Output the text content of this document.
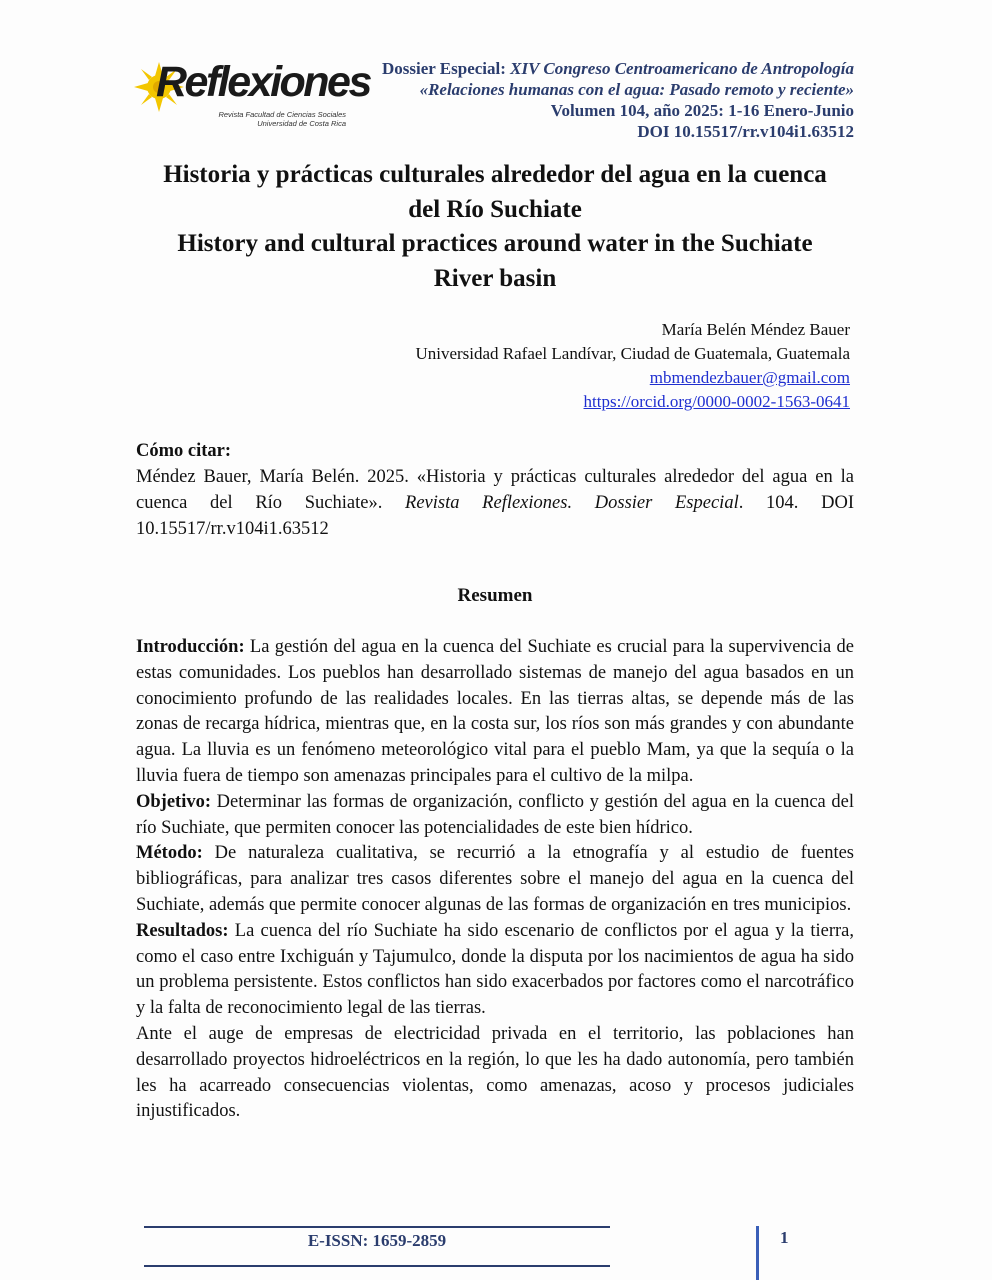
Reflexiones
Revista Facultad de Ciencias Sociales
Universidad de Costa Rica
Dossier Especial: XIV Congreso Centroamericano de Antropología
«Relaciones humanas con el agua: Pasado remoto y reciente»
Volumen 104, año 2025: 1-16 Enero-Junio
DOI 10.15517/rr.v104i1.63512
Historia y prácticas culturales alrededor del agua en la cuenca
del Río Suchiate
History and cultural practices around water in the Suchiate
River basin
María Belén Méndez Bauer
Universidad Rafael Landívar, Ciudad de Guatemala, Guatemala
mbmendezbauer@gmail.com
https://orcid.org/0000-0002-1563-0641
Cómo citar:
Méndez Bauer, María Belén. 2025. «Historia y prácticas culturales alrededor del agua en la cuenca del Río Suchiate». Revista Reflexiones. Dossier Especial. 104. DOI 10.15517/rr.v104i1.63512
Resumen

Introducción: La gestión del agua en la cuenca del Suchiate es crucial para la supervivencia de estas comunidades. Los pueblos han desarrollado sistemas de manejo del agua basados en un conocimiento profundo de las realidades locales. En las tierras altas, se depende más de las zonas de recarga hídrica, mientras que, en la costa sur, los ríos son más grandes y con abundante agua. La lluvia es un fenómeno meteorológico vital para el pueblo Mam, ya que la sequía o la lluvia fuera de tiempo son amenazas principales para el cultivo de la milpa.

Objetivo: Determinar las formas de organización, conflicto y gestión del agua en la cuenca del río Suchiate, que permiten conocer las potencialidades de este bien hídrico.

Método: De naturaleza cualitativa, se recurrió a la etnografía y al estudio de fuentes bibliográficas, para analizar tres casos diferentes sobre el manejo del agua en la cuenca del Suchiate, además que permite conocer algunas de las formas de organización en tres municipios.

Resultados: La cuenca del río Suchiate ha sido escenario de conflictos por el agua y la tierra, como el caso entre Ixchiguán y Tajumulco, donde la disputa por los nacimientos de agua ha sido un problema persistente. Estos conflictos han sido exacerbados por factores como el narcotráfico y la falta de reconocimiento legal de las tierras.

Ante el auge de empresas de electricidad privada en el territorio, las poblaciones han desarrollado proyectos hidroeléctricos en la región, lo que les ha dado autonomía, pero también les ha acarreado consecuencias violentas, como amenazas, acoso y procesos judiciales injustificados.

E-ISSN: 1659-2859	1
